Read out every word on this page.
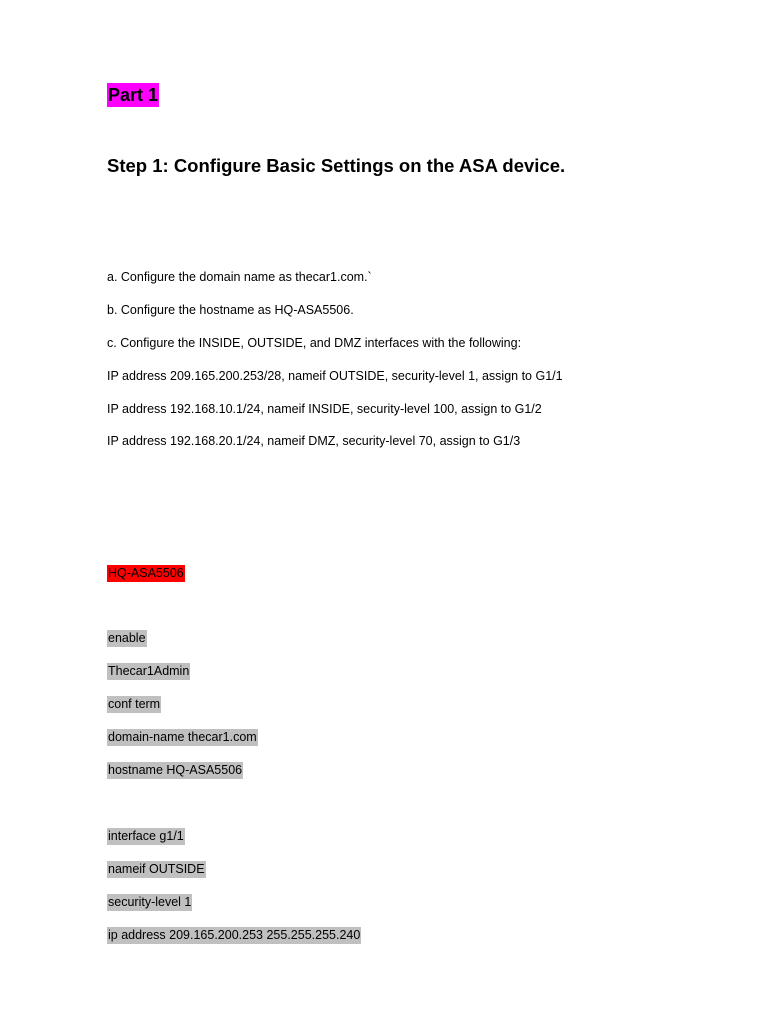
Part 1
Step 1: Configure Basic Settings on the ASA device.
a. Configure the domain name as thecar1.com.`
b. Configure the hostname as HQ-ASA5506.
c. Configure the INSIDE, OUTSIDE, and DMZ interfaces with the following:
IP address 209.165.200.253/28, nameif OUTSIDE, security-level 1, assign to G1/1
IP address 192.168.10.1/24, nameif INSIDE, security-level 100, assign to G1/2
IP address 192.168.20.1/24, nameif DMZ, security-level 70, assign to G1/3
HQ-ASA5506
enable
Thecar1Admin
conf term
domain-name thecar1.com
hostname HQ-ASA5506
interface g1/1
nameif OUTSIDE
security-level 1
ip address 209.165.200.253 255.255.255.240
